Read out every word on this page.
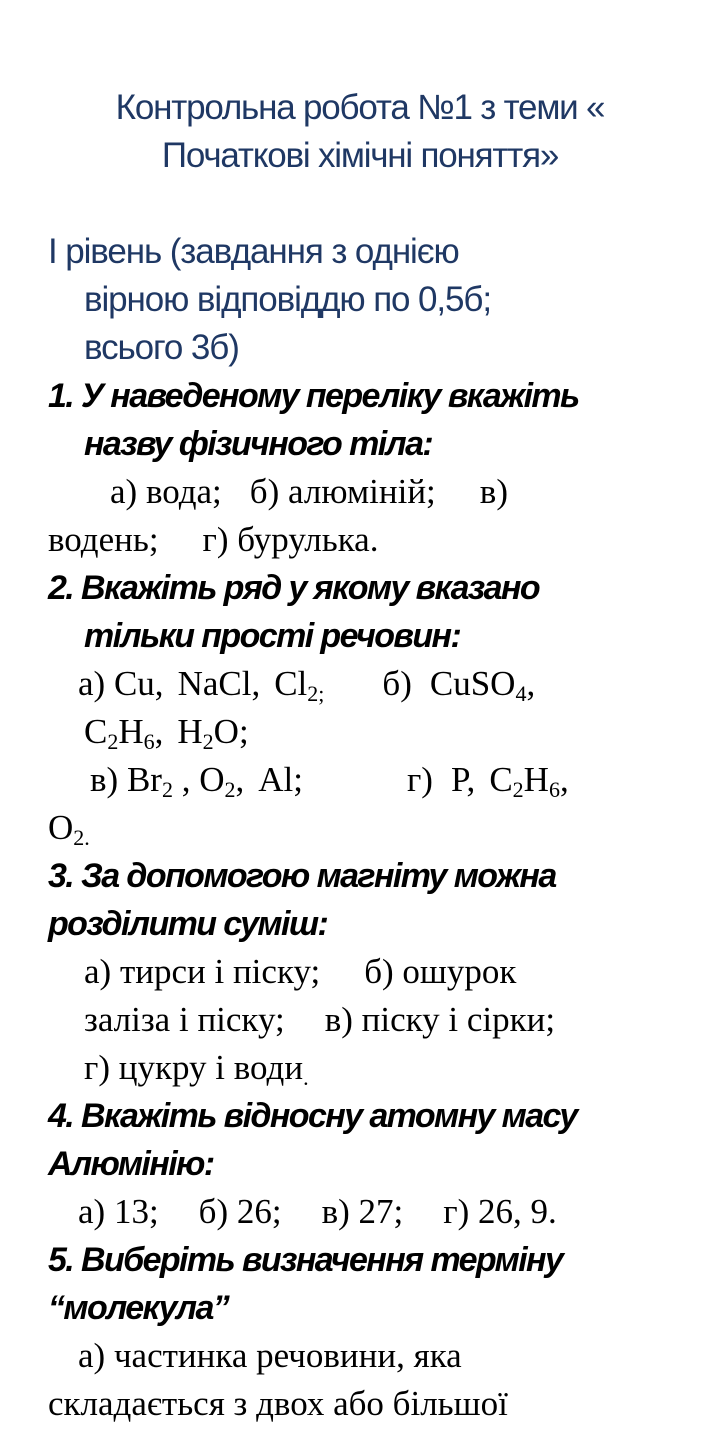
Контрольна робота №1 з теми «
Початкові хімічні поняття»
І рівень (завдання з однією
вірною відповіддю по 0,5б;
всього 3б)
1. У наведеному переліку вкажіть
назву фізичного тіла:
а) вода; б) алюміній; в)
водень; г) бурулька.
2. Вкажіть ряд у якому вказано
тільки прості речовин:
а) Cu, NaCl, $Cl_{2;}$ б) CuSO$_4$,
$C_2H_6$, $H_2O$;
в) $Br_2$ , $O_2$, Al;	г) P, $C_2H_6$,
$O_{2.}$
3. За допомогою магніту можна
розділити суміш:
а) тирси і піску; б) ошурок
заліза і піску; в) піску і сірки;
г) цукру і води$_.$
4. Вкажіть відносну атомну масу
Алюмінію:
а) 13; б) 26; в) 27; г) 26, 9.
5. Виберіть визначення терміну
“молекула”
а) частинка речовини, яка
складається з двох або більшої
